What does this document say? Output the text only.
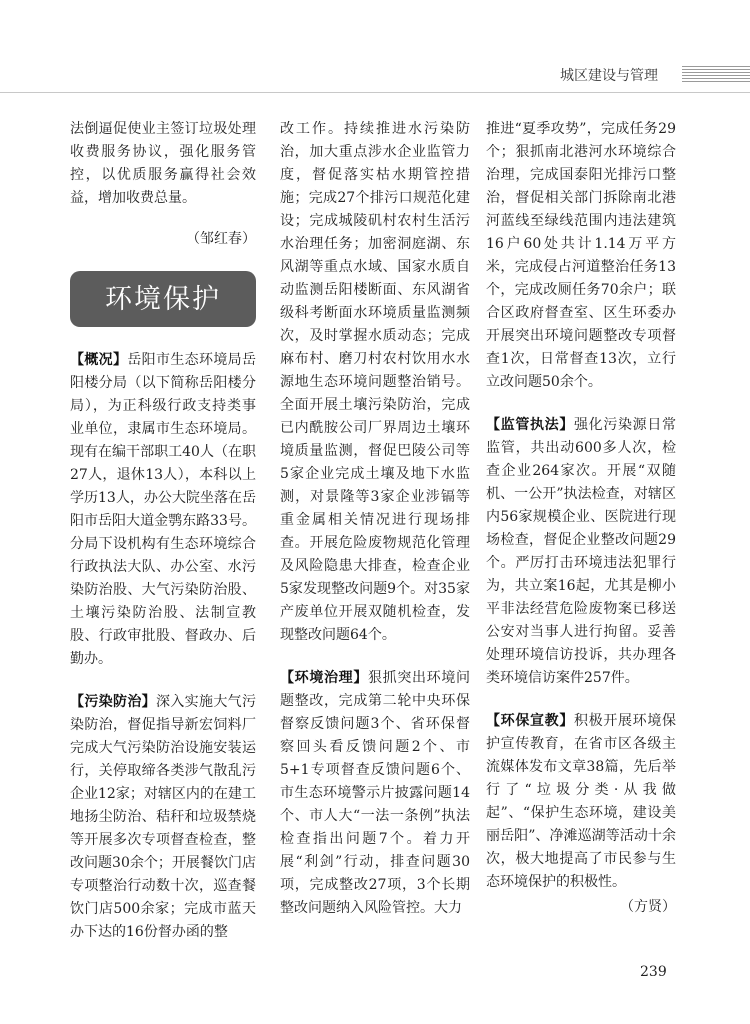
城区建设与管理

法倒逼促使业主签订垃圾处理收费服务协议，强化服务管控，以优质服务赢得社会效益，增加收费总量。

（邹红春）
环境保护

【概况】岳阳市生态环境局岳阳楼分局（以下简称岳阳楼分局），为正科级行政支持类事业单位，隶属市生态环境局。现有在编干部职工40人（在职27人，退休13人），本科以上学历13人，办公大院坐落在岳阳市岳阳大道金鹗东路33号。分局下设机构有生态环境综合行政执法大队、办公室、水污染防治股、大气污染防治股、土壤污染防治股、法制宣教股、行政审批股、督政办、后勤办。

【污染防治】深入实施大气污染防治，督促指导新宏饲料厂完成大气污染防治设施安装运行，关停取缔各类涉气散乱污企业12家；对辖区内的在建工地扬尘防治、秸秆和垃圾禁烧等开展多次专项督查检查，整改问题30余个；开展餐饮门店专项整治行动数十次，巡查餐饮门店500余家；完成市蓝天办下达的16份督办函的整

改工作。持续推进水污染防治，加大重点涉水企业监管力度，督促落实枯水期管控措施；完成27个排污口规范化建设；完成城陵矶村农村生活污水治理任务；加密洞庭湖、东风湖等重点水域、国家水质自动监测岳阳楼断面、东风湖省级科考断面水环境质量监测频次，及时掌握水质动态；完成麻布村、磨刀村农村饮用水水源地生态环境问题整治销号。全面开展土壤污染防治，完成已内酰胺公司厂界周边土壤环境质量监测，督促巴陵公司等5家企业完成土壤及地下水监测，对景隆等3家企业涉镉等重金属相关情况进行现场排查。开展危险废物规范化管理及风险隐患大排查，检查企业5家发现整改问题9个。对35家产废单位开展双随机检查，发现整改问题64个。

【环境治理】狠抓突出环境问题整改，完成第二轮中央环保督察反馈问题3个、省环保督察回头看反馈问题2个、市5+1专项督查反馈问题6个、市生态环境警示片披露问题14个、市人大“一法一条例”执法检查指出问题7个。着力开展“利剑”行动，排查问题30项，完成整改27项，3个长期整改问题纳入风险管控。大力

推进“夏季攻势”，完成任务29个；狠抓南北港河水环境综合治理，完成国泰阳光排污口整治，督促相关部门拆除南北港河蓝线至绿线范围内违法建筑16户60处共计1.14万平方米，完成侵占河道整治任务13个，完成改厕任务70余户；联合区政府督查室、区生环委办开展突出环境问题整改专项督查1次，日常督查13次，立行立改问题50余个。

【监管执法】强化污染源日常监管，共出动600多人次，检查企业264家次。开展“双随机、一公开”执法检查，对辖区内56家规模企业、医院进行现场检查，督促企业整改问题29个。严厉打击环境违法犯罪行为，共立案16起，尤其是柳小平非法经营危险废物案已移送公安对当事人进行拘留。妥善处理环境信访投诉，共办理各类环境信访案件257件。

【环保宣教】积极开展环境保护宣传教育，在省市区各级主流媒体发布文章38篇，先后举行了“垃圾分类·从我做起”、“保护生态环境，建设美丽岳阳”、净滩巡湖等活动十余次，极大地提高了市民参与生态环境保护的积极性。

（方贤）
239
